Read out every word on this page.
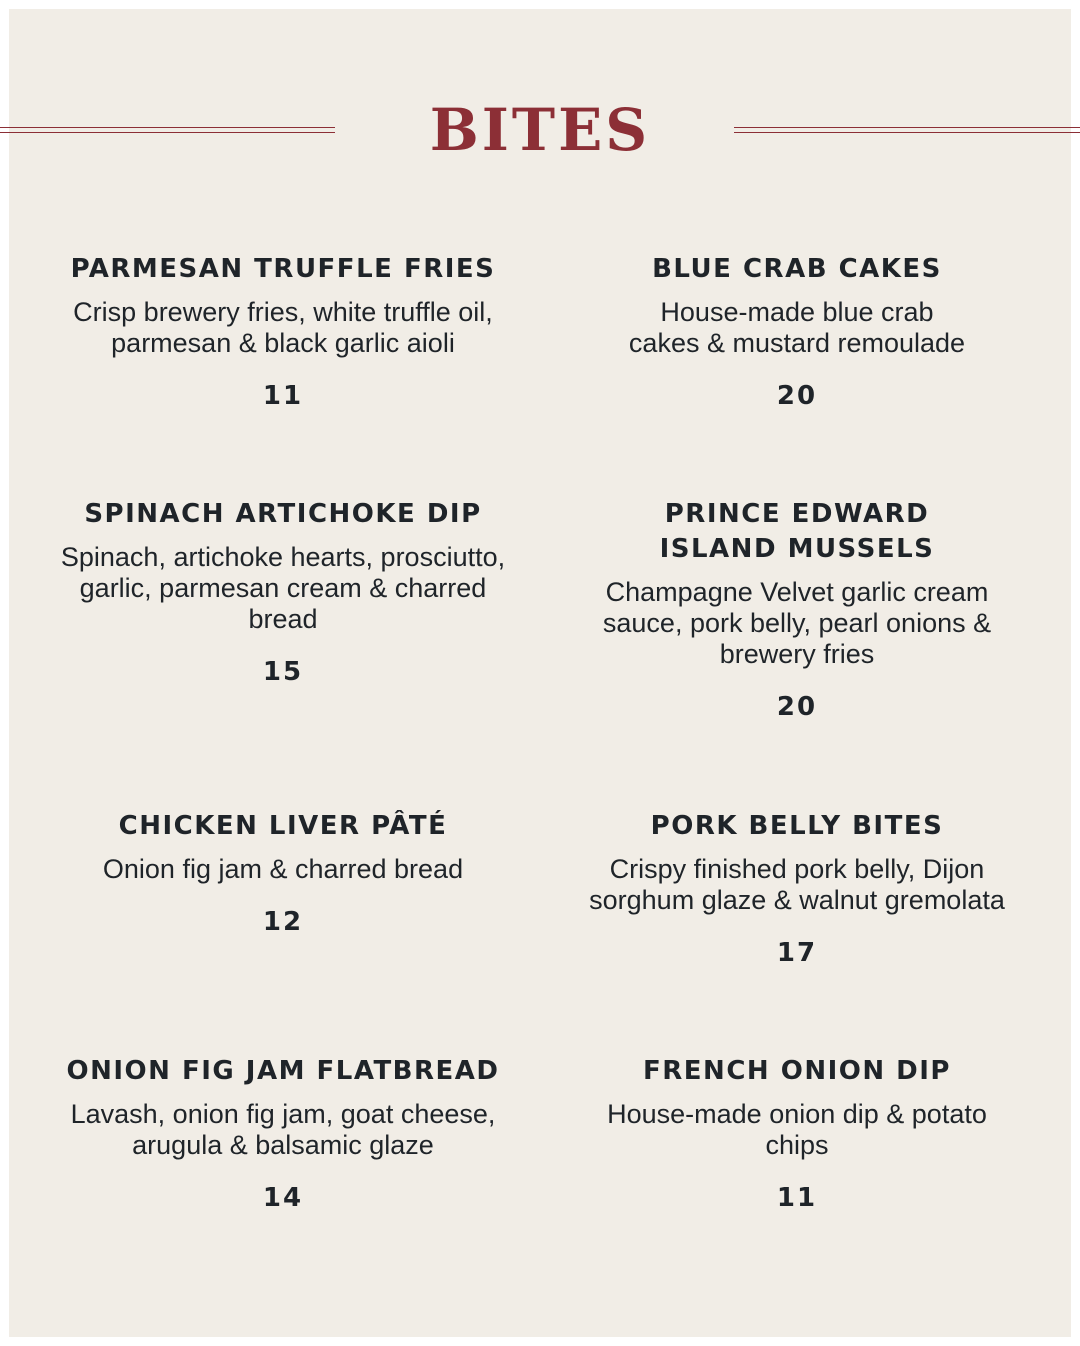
BITES
PARMESAN TRUFFLE FRIES
Crisp brewery fries, white truffle oil, parmesan & black garlic aioli
11
BLUE CRAB CAKES
House-made blue crab cakes & mustard remoulade
20
SPINACH ARTICHOKE DIP
Spinach, artichoke hearts, prosciutto, garlic, parmesan cream & charred bread
15
PRINCE EDWARD ISLAND MUSSELS
Champagne Velvet garlic cream sauce, pork belly, pearl onions & brewery fries
20
CHICKEN LIVER PÂTÉ
Onion fig jam & charred bread
12
PORK BELLY BITES
Crispy finished pork belly, Dijon sorghum glaze & walnut gremolata
17
ONION FIG JAM FLATBREAD
Lavash, onion fig jam, goat cheese, arugula & balsamic glaze
14
FRENCH ONION DIP
House-made onion dip & potato chips
11
